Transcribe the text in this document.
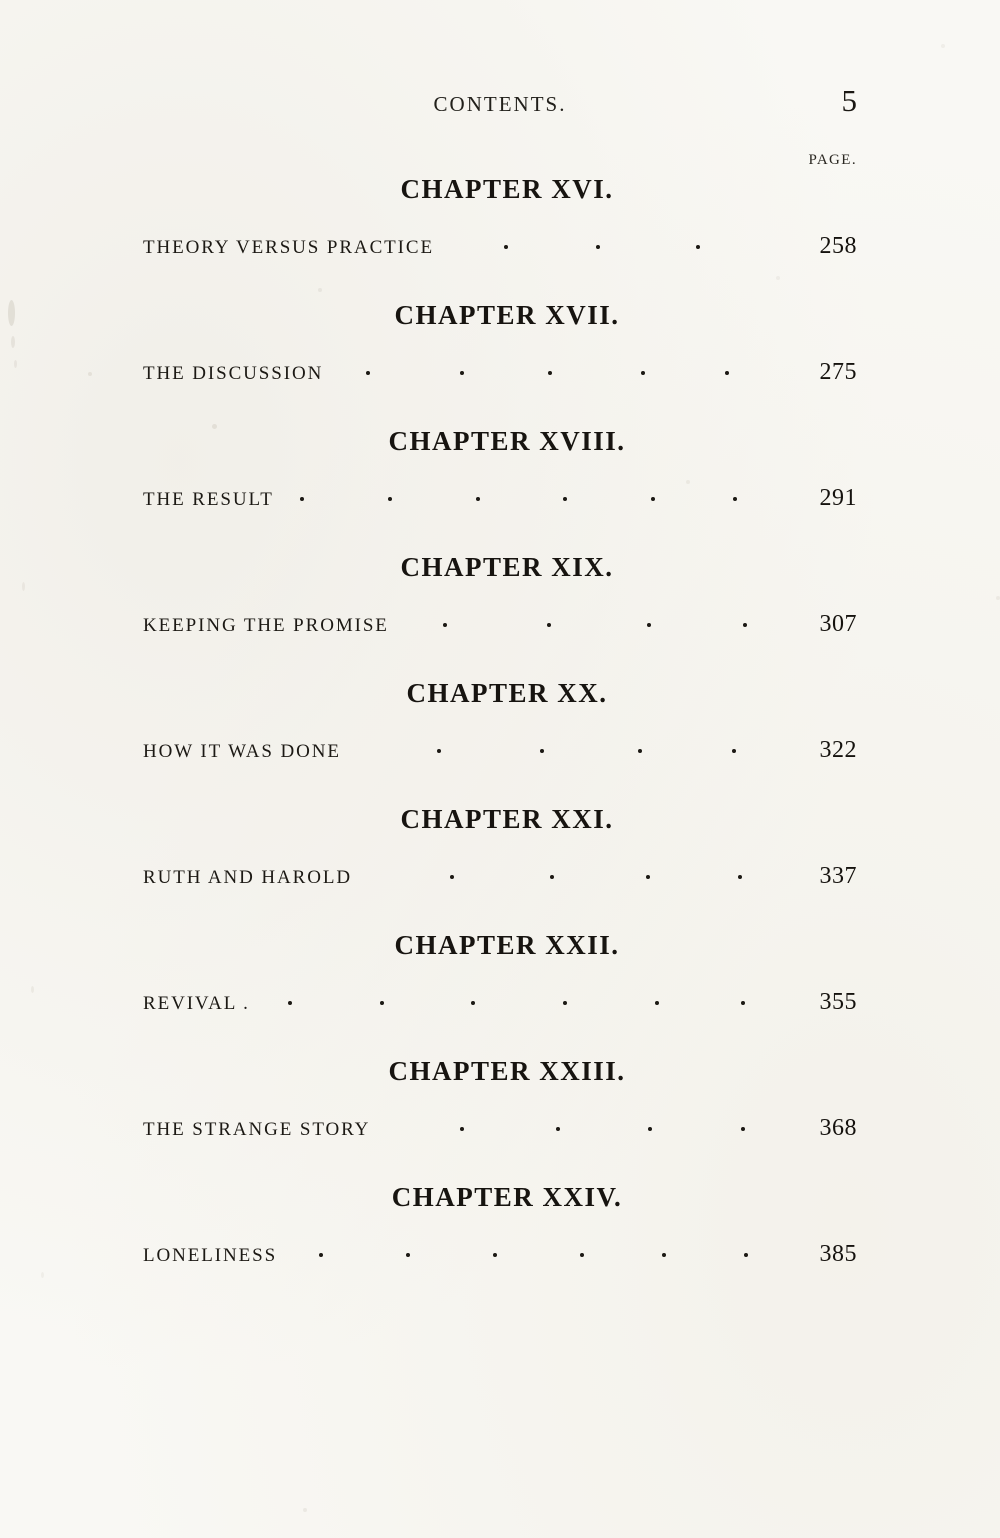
CONTENTS.	5
PAGE.
CHAPTER XVI.
THEORY VERSUS PRACTICE	258
CHAPTER XVII.
THE DISCUSSION	275
CHAPTER XVIII.
THE RESULT	291
CHAPTER XIX.
KEEPING THE PROMISE	307
CHAPTER XX.
HOW IT WAS DONE	322
CHAPTER XXI.
RUTH AND HAROLD	337
CHAPTER XXII.
REVIVAL .	355
CHAPTER XXIII.
THE STRANGE STORY	368
CHAPTER XXIV.
LONELINESS	385
